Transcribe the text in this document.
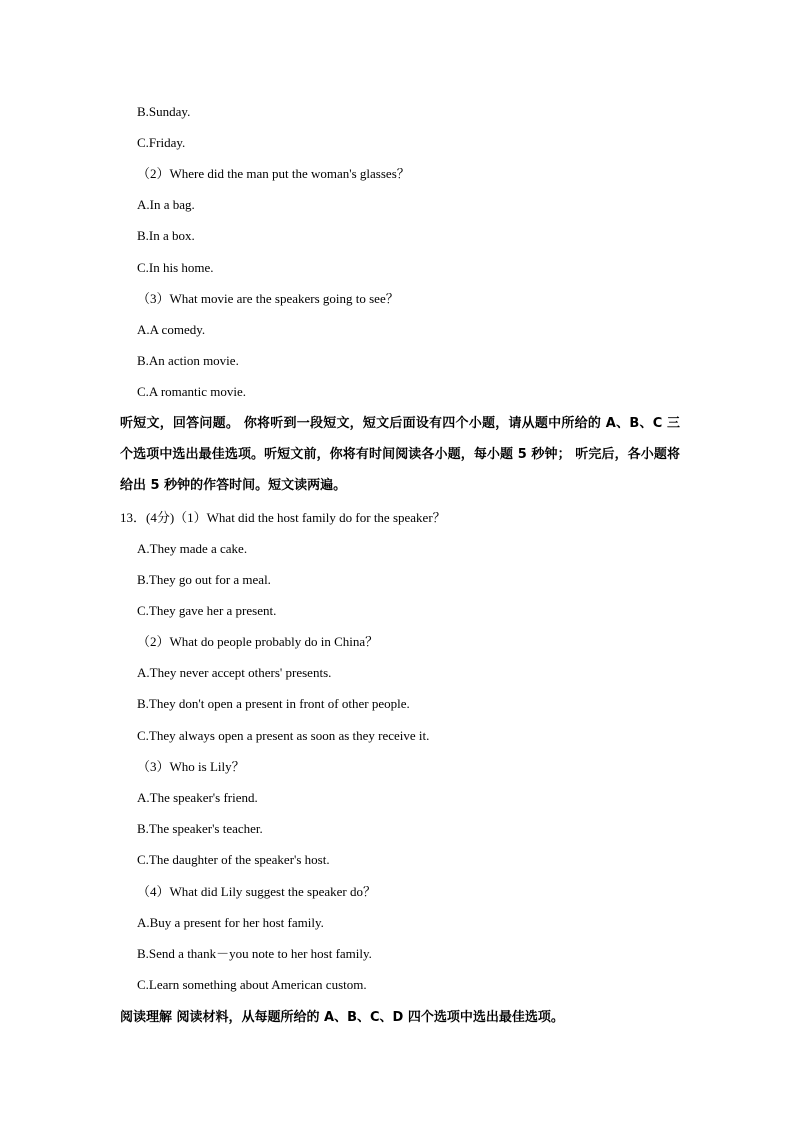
B.Sunday.
C.Friday.
（2）Where did the man put the woman's glasses？
A.In a bag.
B.In a box.
C.In his home.
（3）What movie are the speakers going to see？
A.A comedy.
B.An action movie.
C.A romantic movie.
听短文，回答问题。 你将听到一段短文，短文后面设有四个小题，请从题中所给的 A、B、C 三个选项中选出最佳选项。听短文前，你将有时间阅读各小题，每小题 5 秒钟； 听完后，各小题将给出 5 秒钟的作答时间。短文读两遍。
13．(4分)（1）What did the host family do for the speaker？
A.They made a cake.
B.They go out for a meal.
C.They gave her a present.
（2）What do people probably do in China？
A.They never accept others' presents.
B.They don't open a present in front of other people.
C.They always open a present as soon as they receive it.
（3）Who is Lily？
A.The speaker's friend.
B.The speaker's teacher.
C.The daughter of the speaker's host.
（4）What did Lily suggest the speaker do？
A.Buy a present for her host family.
B.Send a thank－you note to her host family.
C.Learn something about American custom.
阅读理解 阅读材料，从每题所给的 A、B、C、D 四个选项中选出最佳选项。
